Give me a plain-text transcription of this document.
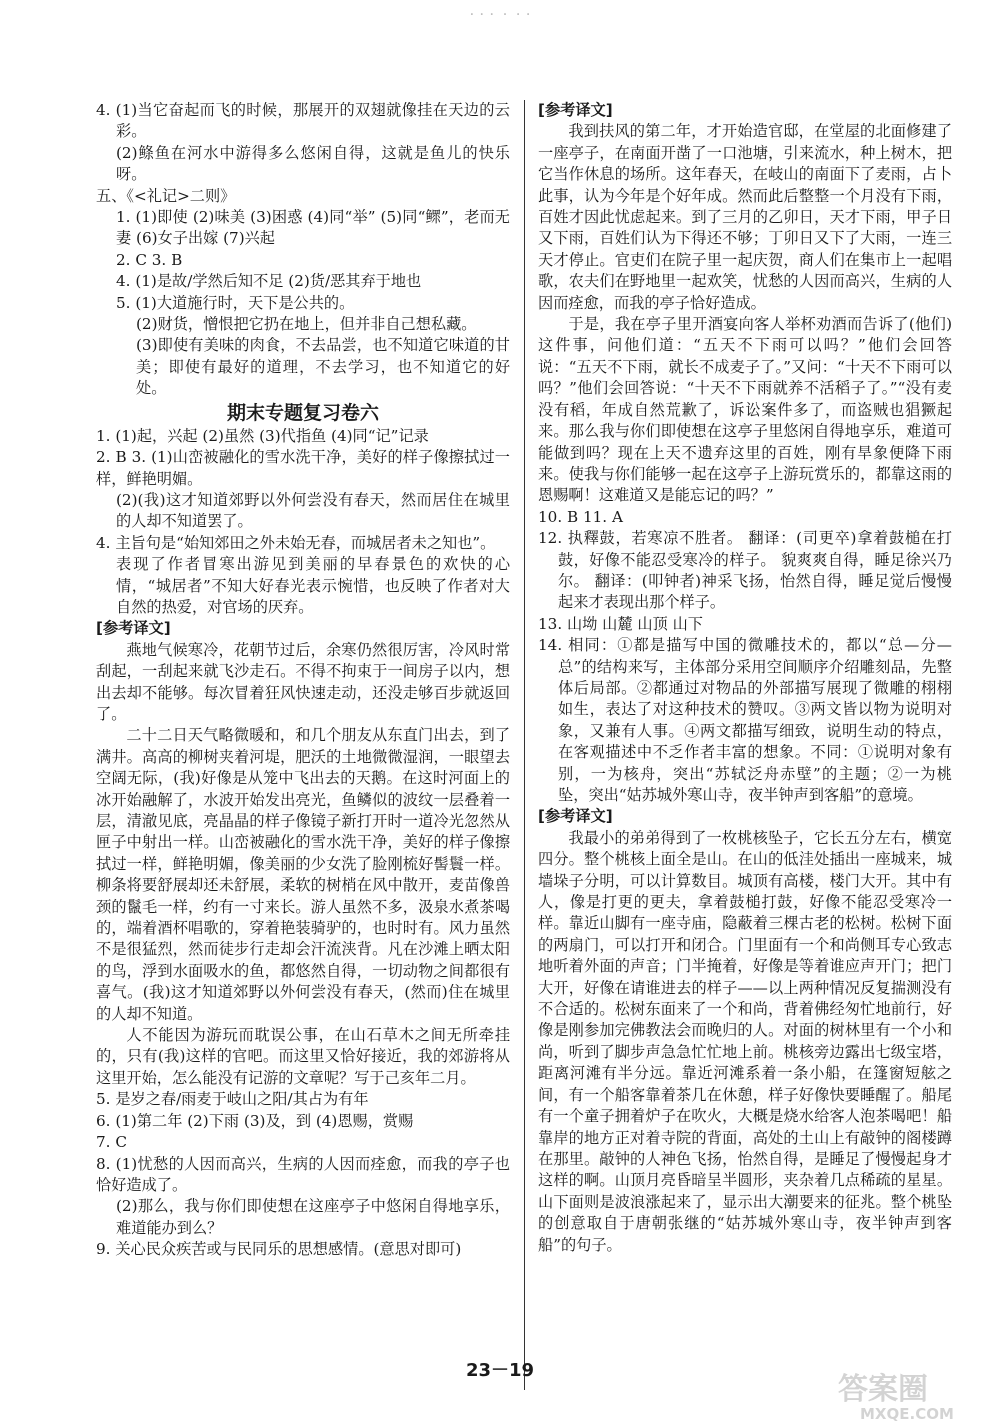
・・・ ・ ・・

4. (1)当它奋起而飞的时候，那展开的双翅就像挂在天边的云彩。

(2)鲦鱼在河水中游得多么悠闲自得，这就是鱼儿的快乐呀。

五、《<礼记>二则》

1. (1)即使 (2)味美 (3)困惑 (4)同“举” (5)同“鳏”，老而无妻 (6)女子出嫁 (7)兴起

2. C 3. B

4. (1)是故/学然后知不足 (2)货/恶其弃于地也

5. (1)大道施行时，天下是公共的。

(2)财货，憎恨把它扔在地上，但并非自己想私藏。

(3)即使有美味的肉食，不去品尝，也不知道它味道的甘美；即使有最好的道理，不去学习，也不知道它的好处。

期末专题复习卷六

1. (1)起，兴起 (2)虽然 (3)代指鱼 (4)同“记”记录

2. B 3. (1)山峦被融化的雪水洗干净，美好的样子像擦拭过一样，鲜艳明媚。

(2)(我)这才知道郊野以外何尝没有春天，然而居住在城里的人却不知道罢了。

4. 主旨句是“始知郊田之外未始无春，而城居者未之知也”。

表现了作者冒寒出游见到美丽的早春景色的欢快的心情，“城居者”不知大好春光表示惋惜，也反映了作者对大自然的热爱，对官场的厌弃。

[参考译文]

燕地气候寒冷，花朝节过后，余寒仍然很厉害，冷风时常刮起，一刮起来就飞沙走石。不得不拘束于一间房子以内，想出去却不能够。每次冒着狂风快速走动，还没走够百步就返回了。

二十二日天气略微暖和，和几个朋友从东直门出去，到了满井。高高的柳树夹着河堤，肥沃的土地微微湿润，一眼望去空阔无际，(我)好像是从笼中飞出去的天鹅。在这时河面上的冰开始融解了，水波开始发出亮光，鱼鳞似的波纹一层叠着一层，清澈见底，亮晶晶的样子像镜子新打开时一道冷光忽然从匣子中射出一样。山峦被融化的雪水洗干净，美好的样子像擦拭过一样，鲜艳明媚，像美丽的少女洗了脸刚梳好髻鬟一样。柳条将要舒展却还未舒展，柔软的树梢在风中散开，麦苗像兽颈的鬣毛一样，约有一寸来长。游人虽然不多，汲泉水煮茶喝的，端着酒杯唱歌的，穿着艳装骑驴的，也时时有。风力虽然不是很猛烈，然而徒步行走却会汗流浃背。凡在沙滩上晒太阳的鸟，浮到水面吸水的鱼，都悠然自得，一切动物之间都很有喜气。(我)这才知道郊野以外何尝没有春天，(然而)住在城里的人却不知道。

人不能因为游玩而耽误公事，在山石草木之间无所牵挂的，只有(我)这样的官吧。而这里又恰好接近，我的郊游将从这里开始，怎么能没有记游的文章呢？写于己亥年二月。

5. 是岁之春/雨麦于岐山之阳/其占为有年

6. (1)第二年 (2)下雨 (3)及，到 (4)恩赐，赏赐

7. C

8. (1)忧愁的人因而高兴，生病的人因而痊愈，而我的亭子也恰好造成了。

(2)那么，我与你们即使想在这座亭子中悠闲自得地享乐，难道能办到么？

9. 关心民众疾苦或与民同乐的思想感情。(意思对即可)

[参考译文]

我到扶风的第二年，才开始造官邸，在堂屋的北面修建了一座亭子，在南面开凿了一口池塘，引来流水，种上树木，把它当作休息的场所。这年春天，在岐山的南面下了麦雨，占卜此事，认为今年是个好年成。然而此后整整一个月没有下雨，百姓才因此忧虑起来。到了三月的乙卯日，天才下雨，甲子日又下雨，百姓们认为下得还不够；丁卯日又下了大雨，一连三天才停止。官吏们在院子里一起庆贺，商人们在集市上一起唱歌，农夫们在野地里一起欢笑，忧愁的人因而高兴，生病的人因而痊愈，而我的亭子恰好造成。

于是，我在亭子里开酒宴向客人举杯劝酒而告诉了(他们)这件事，问他们道：“五天不下雨可以吗？”他们会回答说：“五天不下雨，就长不成麦子了。”又问：“十天不下雨可以吗？”他们会回答说：“十天不下雨就养不活稻子了。”“没有麦没有稻，年成自然荒歉了，诉讼案件多了，而盗贼也猖獗起来。那么我与你们即使想在这亭子里悠闲自得地享乐，难道可能做到吗？现在上天不遗弃这里的百姓，刚有旱象便降下雨来。使我与你们能够一起在这亭子上游玩赏乐的，都靠这雨的恩赐啊！这难道又是能忘记的吗？”

10. B 11. A

12. 执釋鼓，若寒凉不胜者。 翻译：(司更卒)拿着鼓槌在打鼓，好像不能忍受寒冷的样子。 貌爽爽自得，睡足徐兴乃尔。 翻译：(叩钟者)神采飞扬，怡然自得，睡足觉后慢慢起来才表现出那个样子。

13. 山坳 山麓 山顶 山下

14. 相同：①都是描写中国的微雕技术的，都以“总—分—总”的结构来写，主体部分采用空间顺序介绍雕刻品，先整体后局部。②都通过对物品的外部描写展现了微雕的栩栩如生，表达了对这种技术的赞叹。③两文皆以物为说明对象，又兼有人事。④两文都描写细致，说明生动的特点，在客观描述中不乏作者丰富的想象。不同：①说明对象有别，一为核舟，突出“苏轼泛舟赤壁”的主题；②一为桃坠，突出“姑苏城外寒山寺，夜半钟声到客船”的意境。

[参考译文]

我最小的弟弟得到了一枚桃核坠子，它长五分左右，横宽四分。整个桃核上面全是山。在山的低洼处插出一座城来，城墙垛子分明，可以计算数目。城顶有高楼，楼门大开。其中有人，像是打更的更夫，拿着鼓槌打鼓，好像不能忍受寒冷一样。靠近山脚有一座寺庙，隐蔽着三棵古老的松树。松树下面的两扇门，可以打开和闭合。门里面有一个和尚侧耳专心致志地听着外面的声音；门半掩着，好像是等着谁应声开门；把门大开，好像在请谁进去的样子——以上两种情况反复揣测没有不合适的。松树东面来了一个和尚，背着佛经匆忙地前行，好像是刚参加完佛教法会而晚归的人。对面的树林里有一个小和尚，听到了脚步声急急忙忙地上前。桃核旁边露出七级宝塔，距离河滩有半分远。靠近河滩系着一条小船，在篷窗短舷之间，有一个船客靠着茶几在休憩，样子好像快要睡醒了。船尾有一个童子拥着炉子在吹火，大概是烧水给客人泡茶喝吧！船靠岸的地方正对着寺院的背面，高处的土山上有敲钟的阁楼蹲在那里。敲钟的人神色飞扬，怡然自得，是睡足了慢慢起身才这样的啊。山顶月亮昏暗呈半圆形，夹杂着几点稀疏的星星。山下面则是波浪涨起来了，显示出大潮要来的征兆。整个桃坠的创意取自于唐朝张继的“姑苏城外寒山寺，夜半钟声到客船”的句子。

23－19
答案圈
MXQE.COM
